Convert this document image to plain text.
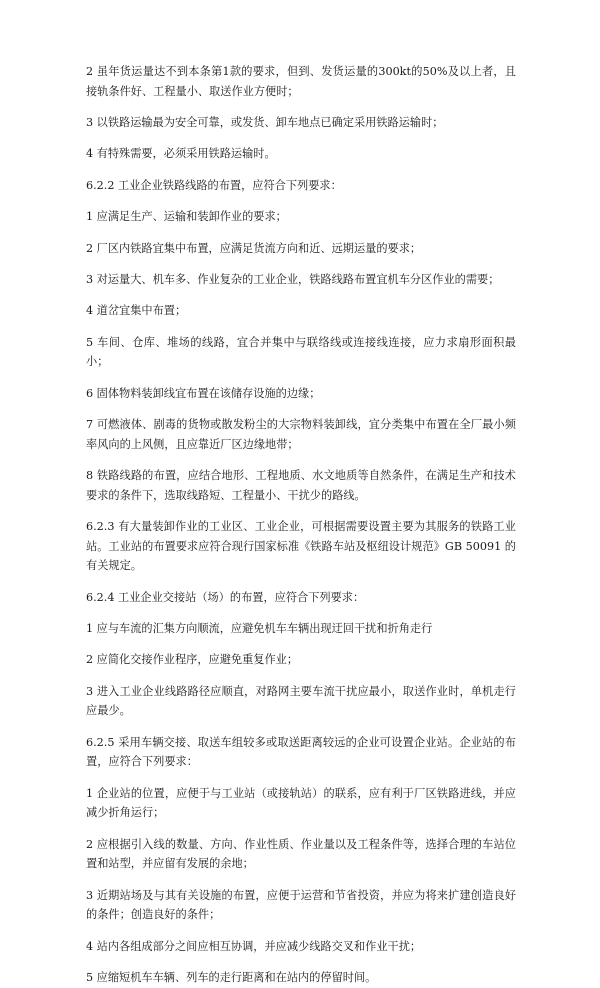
2 虽年货运量达不到本条第1款的要求，但到、发货运量的300kt的50%及以上者，且接轨条件好、工程量小、取送作业方便时；

3 以铁路运输最为安全可靠，或发货、卸车地点已确定采用铁路运输时；

4 有特殊需要，必须采用铁路运输时。

6.2.2 工业企业铁路线路的布置，应符合下列要求：

1 应满足生产、运输和装卸作业的要求；

2 厂区内铁路宜集中布置，应满足货流方向和近、远期运量的要求；

3 对运量大、机车多、作业复杂的工业企业，铁路线路布置宜机车分区作业的需要；

4 道岔宜集中布置；

5 车间、仓库、堆场的线路，宜合并集中与联络线或连接线连接，应力求扇形面积最小；

6 固体物料装卸线宜布置在该储存设施的边缘；

7 可燃液体、剧毒的货物或散发粉尘的大宗物料装卸线，宜分类集中布置在全厂最小频率风向的上风侧，且应靠近厂区边缘地带；

8 铁路线路的布置，应结合地形、工程地质、水文地质等自然条件，在满足生产和技术要求的条件下，选取线路短、工程量小、干扰少的路线。

6.2.3 有大量装卸作业的工业区、工业企业，可根据需要设置主要为其服务的铁路工业站。工业站的布置要求应符合现行国家标准《铁路车站及枢纽设计规范》GB 50091 的有关规定。

6.2.4 工业企业交接站（场）的布置，应符合下列要求：

1 应与车流的汇集方向顺流，应避免机车车辆出现迂回干扰和折角走行

2 应简化交接作业程序，应避免重复作业；

3 进入工业企业线路路径应顺直，对路网主要车流干扰应最小，取送作业时，单机走行应最少。

6.2.5 采用车辆交接、取送车组较多或取送距离较远的企业可设置企业站。企业站的布置，应符合下列要求：

1 企业站的位置，应便于与工业站（或接轨站）的联系，应有利于厂区铁路进线，并应减少折角运行；

2 应根据引入线的数量、方向、作业性质、作业量以及工程条件等，选择合理的车站位置和站型，并应留有发展的余地；

3 近期站场及与其有关设施的布置，应便于运营和节省投资，并应为将来扩建创造良好的条件；创造良好的条件；

4 站内各组成部分之间应相互协调，并应减少线路交叉和作业干扰；

5 应缩短机车车辆、列车的走行距离和在站内的停留时间。
